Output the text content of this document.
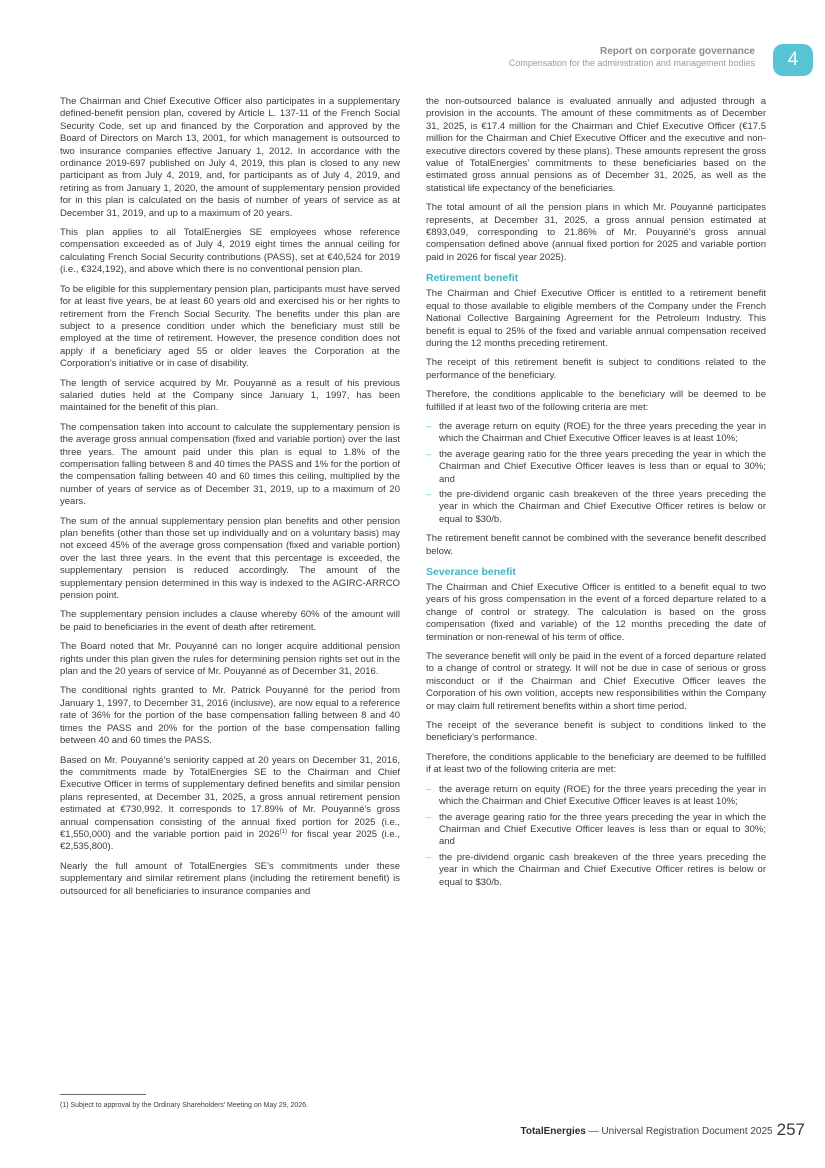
Report on corporate governance
Compensation for the administration and management bodies	4

The Chairman and Chief Executive Officer also participates in a supplementary defined-benefit pension plan, covered by Article L. 137-11 of the French Social Security Code, set up and financed by the Corporation and approved by the Board of Directors on March 13, 2001, for which management is outsourced to two insurance companies effective January 1, 2012. In accordance with the ordinance 2019-697 published on July 4, 2019, this plan is closed to any new participant as from July 4, 2019, and, for participants as of July 4, 2019, and retiring as from January 1, 2020, the amount of supplementary pension provided for in this plan is calculated on the basis of number of years of service as at December 31, 2019, and up to a maximum of 20 years.

This plan applies to all TotalEnergies SE employees whose reference compensation exceeded as of July 4, 2019 eight times the annual ceiling for calculating French Social Security contributions (PASS), set at €40,524 for 2019 (i.e., €324,192), and above which there is no conventional pension plan.

To be eligible for this supplementary pension plan, participants must have served for at least five years, be at least 60 years old and exercised his or her rights to retirement from the French Social Security. The benefits under this plan are subject to a presence condition under which the beneficiary must still be employed at the time of retirement. However, the presence condition does not apply if a beneficiary aged 55 or older leaves the Corporation at the Corporation’s initiative or in case of disability.

The length of service acquired by Mr. Pouyanné as a result of his previous salaried duties held at the Company since January 1, 1997, has been maintained for the benefit of this plan.

The compensation taken into account to calculate the supplementary pension is the average gross annual compensation (fixed and variable portion) over the last three years. The amount paid under this plan is equal to 1.8% of the compensation falling between 8 and 40 times the PASS and 1% for the portion of the compensation falling between 40 and 60 times this ceiling, multiplied by the number of years of service as of December 31, 2019, up to a maximum of 20 years.

The sum of the annual supplementary pension plan benefits and other pension plan benefits (other than those set up individually and on a voluntary basis) may not exceed 45% of the average gross compensation (fixed and variable portion) over the last three years. In the event that this percentage is exceeded, the supplementary pension is reduced accordingly. The amount of the supplementary pension determined in this way is indexed to the AGIRC-ARRCO pension point.

The supplementary pension includes a clause whereby 60% of the amount will be paid to beneficiaries in the event of death after retirement.

The Board noted that Mr. Pouyanné can no longer acquire additional pension rights under this plan given the rules for determining pension rights set out in the plan and the 20 years of service of Mr. Pouyanné as of December 31, 2016.

The conditional rights granted to Mr. Patrick Pouyanné for the period from January 1, 1997, to December 31, 2016 (inclusive), are now equal to a reference rate of 36% for the portion of the base compensation falling between 8 and 40 times the PASS and 20% for the portion of the base compensation falling between 40 and 60 times the PASS.

Based on Mr. Pouyanné’s seniority capped at 20 years on December 31, 2016, the commitments made by TotalEnergies SE to the Chairman and Chief Executive Officer in terms of supplementary defined benefits and similar pension plans represented, at December 31, 2025, a gross annual retirement pension estimated at €730,992. It corresponds to 17.89% of Mr. Pouyanné’s gross annual compensation consisting of the annual fixed portion for 2025 (i.e., €1,550,000) and the variable portion paid in 2026$^{(1)}$ for fiscal year 2025 (i.e., €2,535,800).

Nearly the full amount of TotalEnergies SE’s commitments under these supplementary and similar retirement plans (including the retirement benefit) is outsourced for all beneficiaries to insurance companies and

the non-outsourced balance is evaluated annually and adjusted through a provision in the accounts. The amount of these commitments as of December 31, 2025, is €17.4 million for the Chairman and Chief Executive Officer (€17.5 million for the Chairman and Chief Executive Officer and the executive and non-executive directors covered by these plans). These amounts represent the gross value of TotalEnergies’ commitments to these beneficiaries based on the estimated gross annual pensions as of December 31, 2025, as well as the statistical life expectancy of the beneficiaries.

The total amount of all the pension plans in which Mr. Pouyanné participates represents, at December 31, 2025, a gross annual pension estimated at €893,049, corresponding to 21.86% of Mr. Pouyanné’s gross annual compensation defined above (annual fixed portion for 2025 and variable portion paid in 2026 for fiscal year 2025).

Retirement benefit

The Chairman and Chief Executive Officer is entitled to a retirement benefit equal to those available to eligible members of the Company under the French National Collective Bargaining Agreement for the Petroleum Industry. This benefit is equal to 25% of the fixed and variable annual compensation received during the 12 months preceding retirement.

The receipt of this retirement benefit is subject to conditions related to the performance of the beneficiary.

Therefore, the conditions applicable to the beneficiary will be deemed to be fulfilled if at least two of the following criteria are met:

– the average return on equity (ROE) for the three years preceding the year in which the Chairman and Chief Executive Officer leaves is at least 10%;
– the average gearing ratio for the three years preceding the year in which the Chairman and Chief Executive Officer leaves is less than or equal to 30%; and
– the pre-dividend organic cash breakeven of the three years preceding the year in which the Chairman and Chief Executive Officer retires is below or equal to $30/b.

The retirement benefit cannot be combined with the severance benefit described below.

Severance benefit

The Chairman and Chief Executive Officer is entitled to a benefit equal to two years of his gross compensation in the event of a forced departure related to a change of control or strategy. The calculation is based on the gross compensation (fixed and variable) of the 12 months preceding the date of termination or non-renewal of his term of office.

The severance benefit will only be paid in the event of a forced departure related to a change of control or strategy. It will not be due in case of serious or gross misconduct or if the Chairman and Chief Executive Officer leaves the Corporation of his own volition, accepts new responsibilities within the Company or may claim full retirement benefits within a short time period.

The receipt of the severance benefit is subject to conditions linked to the beneficiary’s performance.

Therefore, the conditions applicable to the beneficiary are deemed to be fulfilled if at least two of the following criteria are met:

– the average return on equity (ROE) for the three years preceding the year in which the Chairman and Chief Executive Officer leaves is at least 10%;
– the average gearing ratio for the three years preceding the year in which the Chairman and Chief Executive Officer leaves is less than or equal to 30%; and
– the pre-dividend organic cash breakeven of the three years preceding the year in which the Chairman and Chief Executive Officer retires is below or equal to $30/b.
(1) Subject to approval by the Ordinary Shareholders’ Meeting on May 29, 2026.
TotalEnergies — Universal Registration Document 2025 257
